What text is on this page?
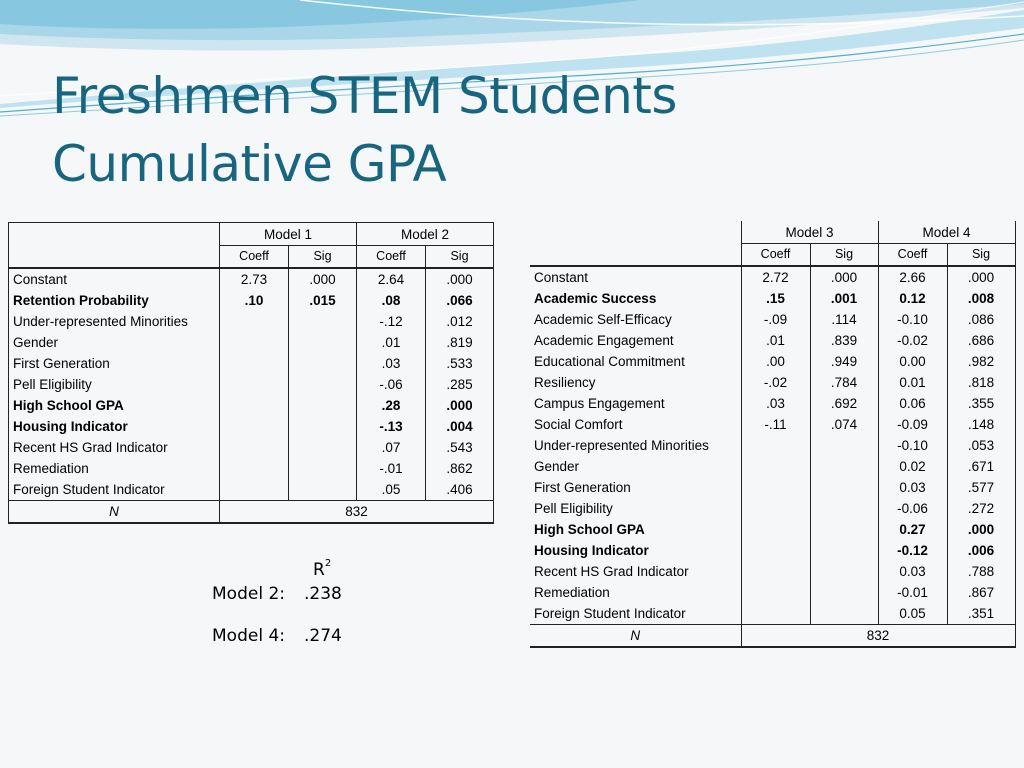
Freshmen STEM Students
Cumulative GPA
	Model 1		Model 2	
	Coeff	Sig	Coeff	Sig
Constant	2.73	.000	2.64	.000
Retention Probability	.10	.015	.08	.066
Under-represented Minorities			-.12	.012
Gender			.01	.819
First Generation			.03	.533
Pell Eligibility			-.06	.285
High School GPA			.28	.000
Housing Indicator			-.13	.004
Recent HS Grad Indicator			.07	.543
Remediation			-.01	.862
Foreign Student Indicator			.05	.406
N	832			
	Model 3		Model 4	
	Coeff	Sig	Coeff	Sig
Constant	2.72	.000	2.66	.000
Academic Success	.15	.001	0.12	.008
Academic Self-Efficacy	-.09	.114	-0.10	.086
Academic Engagement	.01	.839	-0.02	.686
Educational Commitment	.00	.949	0.00	.982
Resiliency	-.02	.784	0.01	.818
Campus Engagement	.03	.692	0.06	.355
Social Comfort	-.11	.074	-0.09	.148
Under-represented Minorities			-0.10	.053
Gender			0.02	.671
First Generation			0.03	.577
Pell Eligibility			-0.06	.272
High School GPA			0.27	.000
Housing Indicator			-0.12	.006
Recent HS Grad Indicator			0.03	.788
Remediation			-0.01	.867
Foreign Student Indicator			0.05	.351
N	832			
$R^2$
Model 2: .238
Model 4: .274
